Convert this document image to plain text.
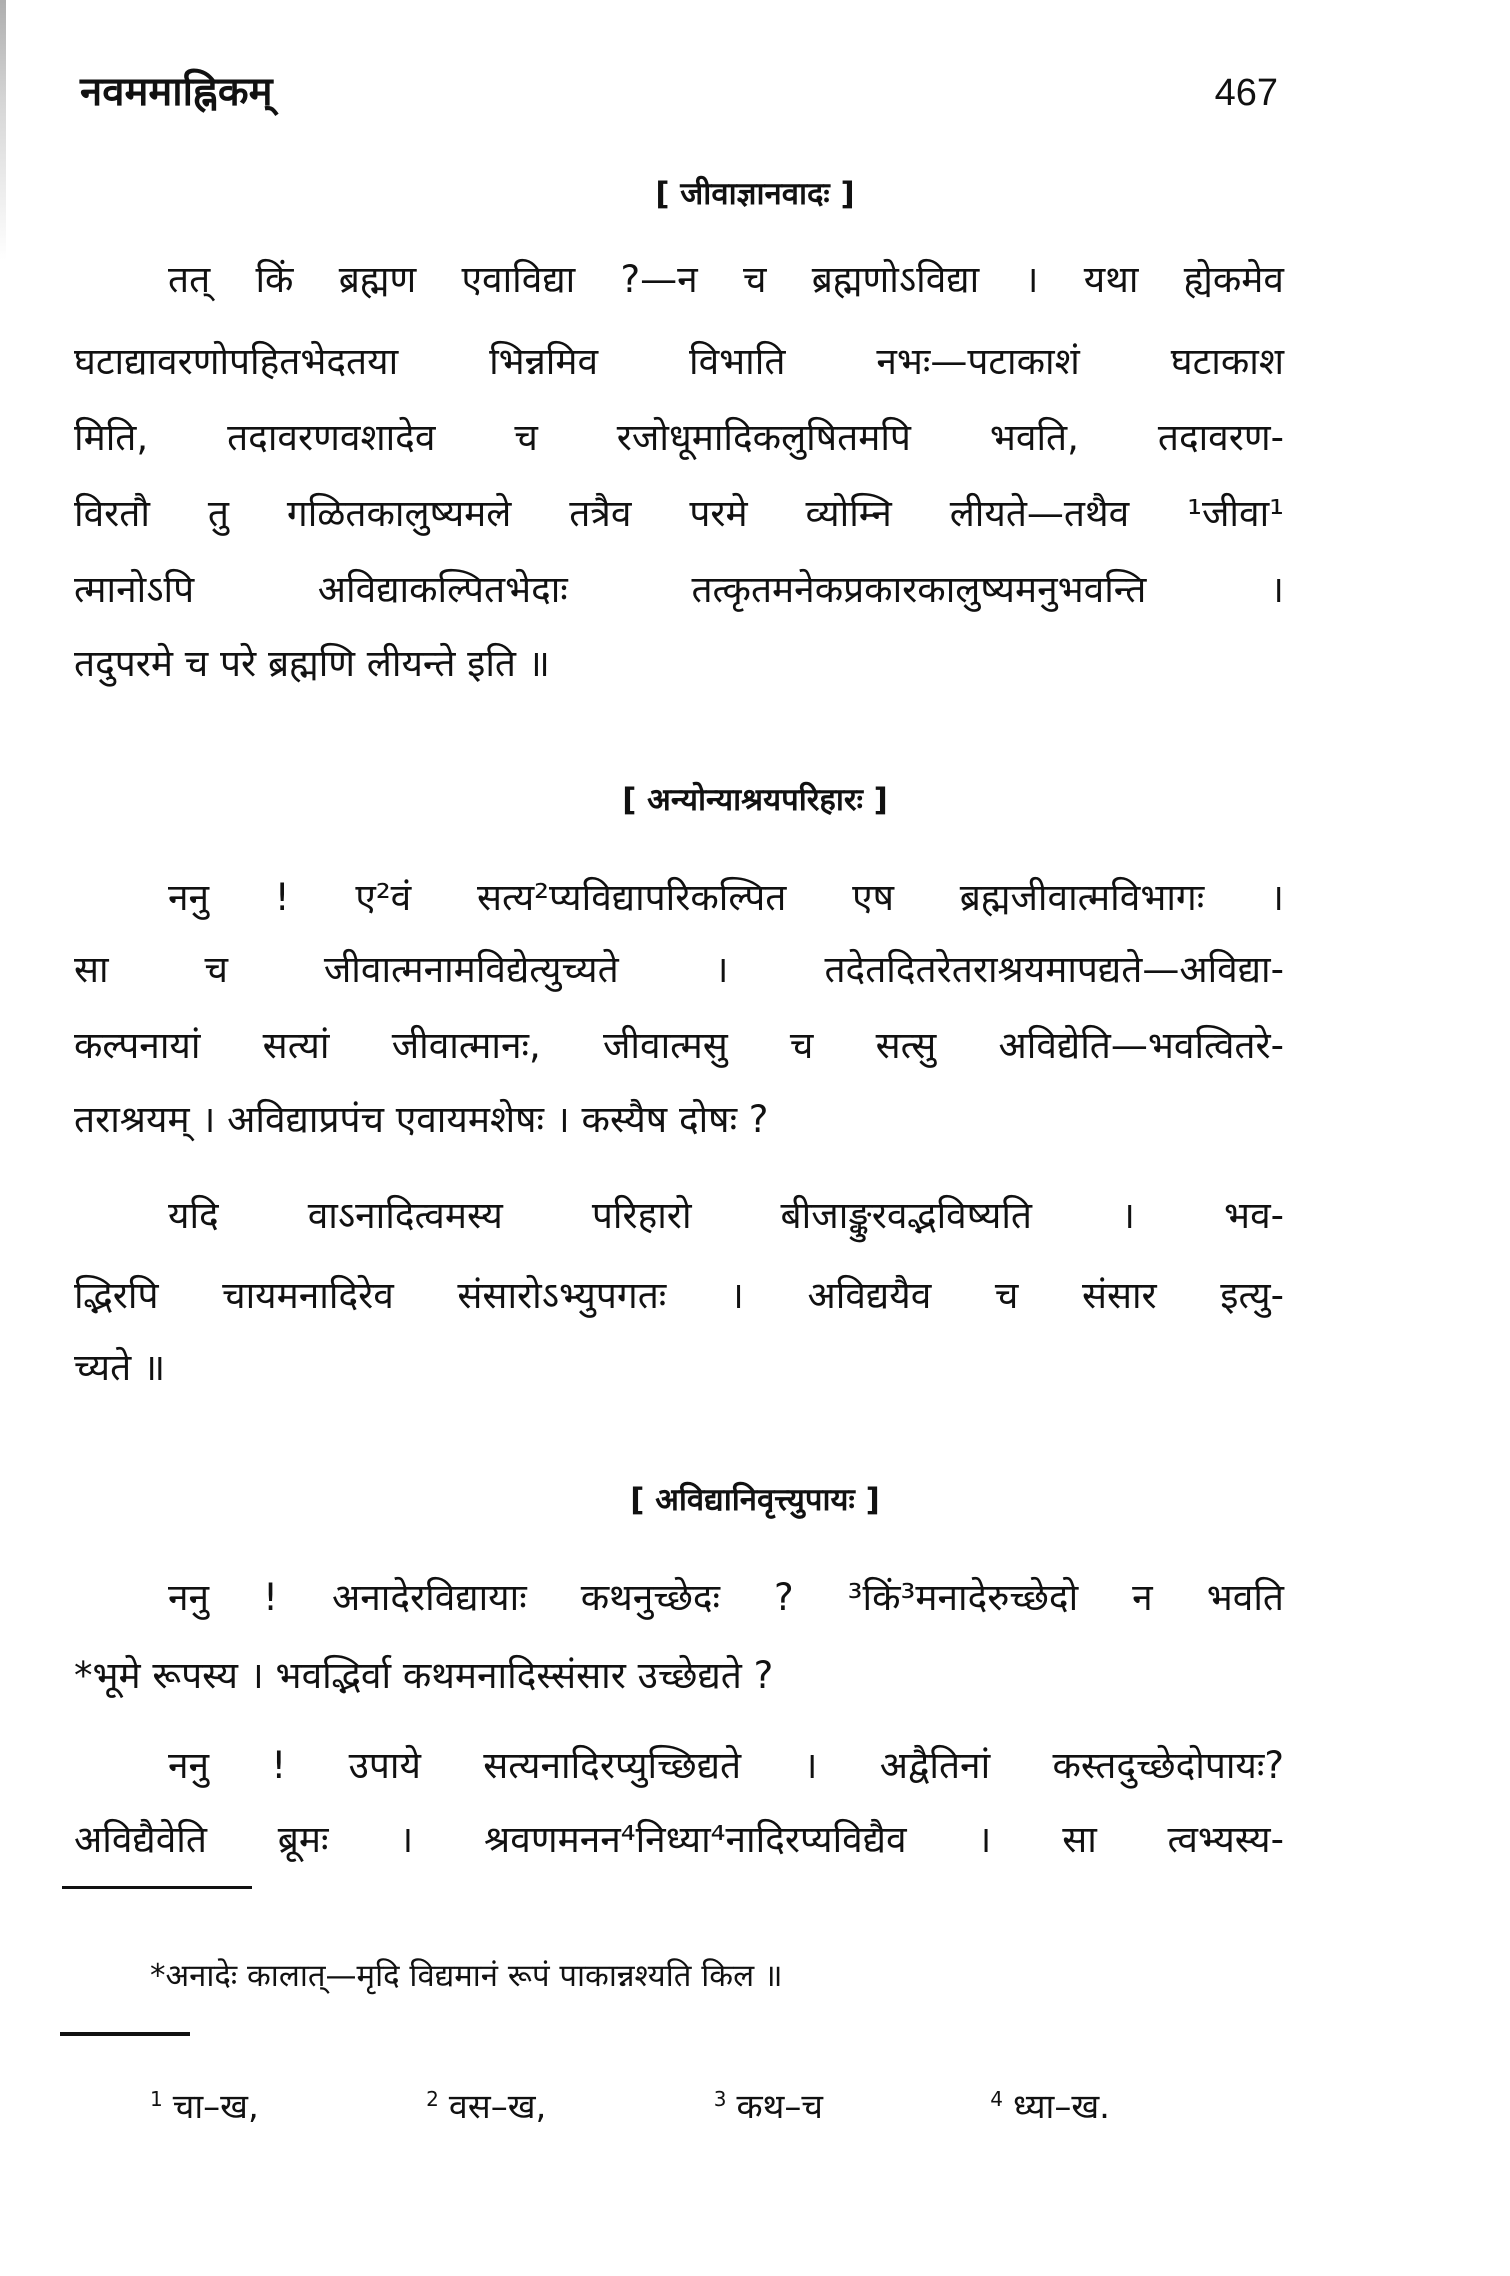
नवममाह्निकम्	467
[ जीवाज्ञानवादः ]
तत् किं ब्रह्मण एवाविद्या ?—न च ब्रह्मणोऽविद्या । यथा ह्येकमेव
घटाद्यावरणोपहितभेदतया भिन्नमिव विभाति नभः—पटाकाशं घटाकाश
मिति, तदावरणवशादेव च रजोधूमादिकलुषितमपि भवति, तदावरण-
विरतौ तु गळितकालुष्यमले तत्रैव परमे व्योम्नि लीयते—तथैव ¹जीवा¹
त्मानोऽपि अविद्याकल्पितभेदाः तत्कृतमनेकप्रकारकालुष्यमनुभवन्ति ।
तदुपरमे च परे ब्रह्मणि लीयन्ते इति ॥
[ अन्योन्याश्रयपरिहारः ]
ननु ! ए²वं सत्य²प्यविद्यापरिकल्पित एष ब्रह्मजीवात्मविभागः ।
सा च जीवात्मनामविद्येत्युच्यते । तदेतदितरेतराश्रयमापद्यते—अविद्या-
कल्पनायां सत्यां जीवात्मानः, जीवात्मसु च सत्सु अविद्येति—भवत्वितरे-
तराश्रयम् । अविद्याप्रपंच एवायमशेषः । कस्यैष दोषः ?
यदि वाऽनादित्वमस्य परिहारो बीजाङ्कुरवद्भविष्यति । भव-
द्भिरपि चायमनादिरेव संसारोऽभ्युपगतः । अविद्ययैव च संसार इत्यु-
च्यते ॥
[ अविद्यानिवृत्त्युपायः ]
ननु ! अनादेरविद्यायाः कथनुच्छेदः ? ³किं³मनादेरुच्छेदो न भवति
*भूमे रूपस्य । भवद्भिर्वा कथमनादिस्संसार उच्छेद्यते ?
ननु ! उपाये सत्यनादिरप्युच्छिद्यते । अद्वैतिनां कस्तदुच्छेदोपायः?
अविद्यैवेति ब्रूमः । श्रवणमनन⁴निध्या⁴नादिरप्यविद्यैव । सा त्वभ्यस्य-
*अनादेः कालात्—मृदि विद्यमानं रूपं पाकान्नश्यति किल ॥
$^1$ चा–ख,	$^2$ वस–ख,	$^3$ कथ–च	$^4$ ध्या–ख.
